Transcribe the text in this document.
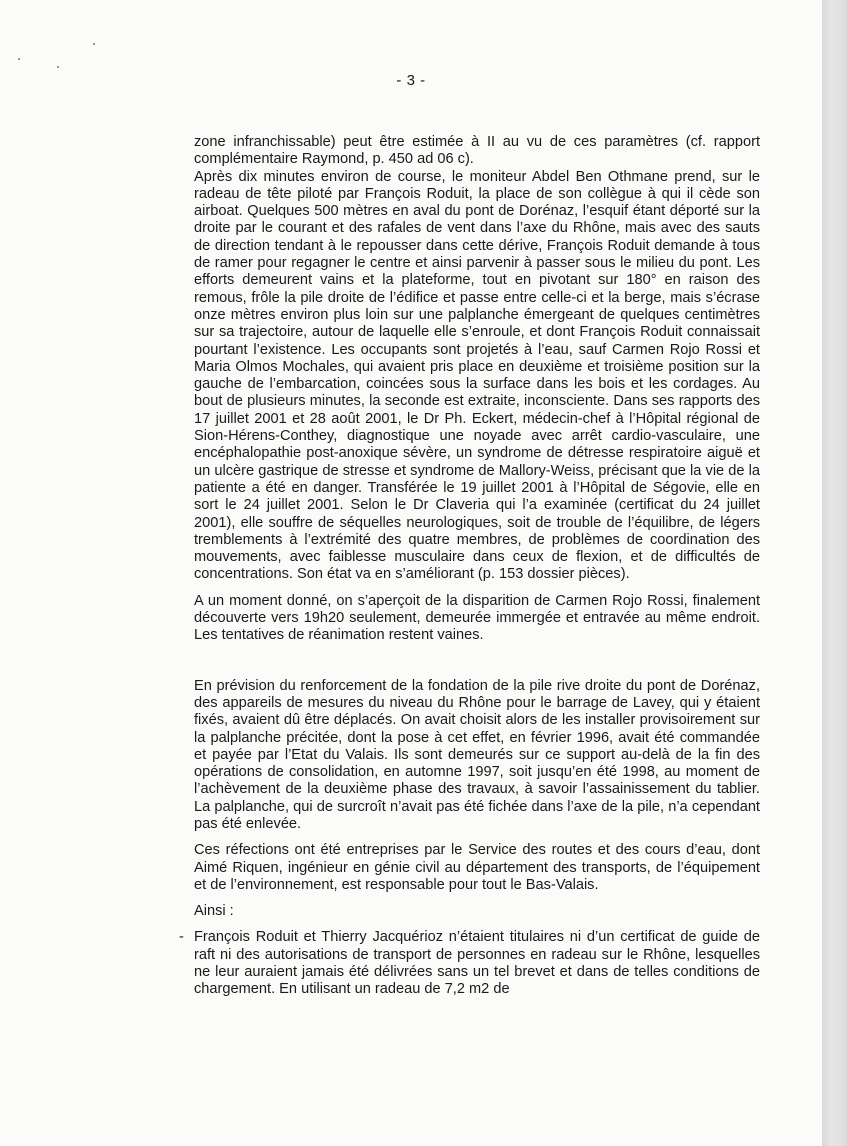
- 3 -

zone infranchissable) peut être estimée à II au vu de ces paramètres (cf. rapport complémentaire Raymond, p. 450 ad 06 c).

Après dix minutes environ de course, le moniteur Abdel Ben Othmane prend, sur le radeau de tête piloté par François Roduit, la place de son collègue à qui il cède son airboat. Quelques 500 mètres en aval du pont de Dorénaz, l’esquif étant déporté sur la droite par le courant et des rafales de vent dans l’axe du Rhône, mais avec des sauts de direction tendant à le repousser dans cette dérive, François Roduit demande à tous de ramer pour regagner le centre et ainsi parvenir à passer sous le milieu du pont. Les efforts demeurent vains et la plateforme, tout en pivotant sur 180° en raison des remous, frôle la pile droite de l’édifice et passe entre celle-ci et la berge, mais s’écrase onze mètres environ plus loin sur une palplanche émergeant de quelques centimètres sur sa trajectoire, autour de laquelle elle s’enroule, et dont François Roduit connaissait pourtant l’existence. Les occupants sont projetés à l’eau, sauf Carmen Rojo Rossi et Maria Olmos Mochales, qui avaient pris place en deuxième et troisième position sur la gauche de l’embarcation, coincées sous la surface dans les bois et les cordages. Au bout de plusieurs minutes, la seconde est extraite, inconsciente. Dans ses rapports des 17 juillet 2001 et 28 août 2001, le Dr Ph. Eckert, médecin-chef à l’Hôpital régional de Sion-Hérens-Conthey, diagnostique une noyade avec arrêt cardio-vasculaire, une encéphalopathie post-anoxique sévère, un syndrome de détresse respiratoire aiguë et un ulcère gastrique de stresse et syndrome de Mallory-Weiss, précisant que la vie de la patiente a été en danger. Transférée le 19 juillet 2001 à l’Hôpital de Ségovie, elle en sort le 24 juillet 2001. Selon le Dr Claveria qui l’a examinée (certificat du 24 juillet 2001), elle souffre de séquelles neurologiques, soit de trouble de l’équilibre, de légers tremblements à l’extrémité des quatre membres, de problèmes de coordination des mouvements, avec faiblesse musculaire dans ceux de flexion, et de difficultés de concentrations. Son état va en s’améliorant (p. 153 dossier pièces).

A un moment donné, on s’aperçoit de la disparition de Carmen Rojo Rossi, finalement découverte vers 19h20 seulement, demeurée immergée et entravée au même endroit. Les tentatives de réanimation restent vaines.

En prévision du renforcement de la fondation de la pile rive droite du pont de Dorénaz, des appareils de mesures du niveau du Rhône pour le barrage de Lavey, qui y étaient fixés, avaient dû être déplacés. On avait choisit alors de les installer provisoirement sur la palplanche précitée, dont la pose à cet effet, en février 1996, avait été commandée et payée par l’Etat du Valais. Ils sont demeurés sur ce support au-delà de la fin des opérations de consolidation, en automne 1997, soit jusqu’en été 1998, au moment de l’achèvement de la deuxième phase des travaux, à savoir l’assainissement du tablier. La palplanche, qui de surcroît n’avait pas été fichée dans l’axe de la pile, n’a cependant pas été enlevée.

Ces réfections ont été entreprises par le Service des routes et des cours d’eau, dont Aimé Riquen, ingénieur en génie civil au département des transports, de l’équipement et de l’environnement, est responsable pour tout le Bas-Valais.

Ainsi :

- François Roduit et Thierry Jacquérioz n’étaient titulaires ni d’un certificat de guide de raft ni des autorisations de transport de personnes en radeau sur le Rhône, lesquelles ne leur auraient jamais été délivrées sans un tel brevet et dans de telles conditions de chargement. En utilisant un radeau de 7,2 m2 de
